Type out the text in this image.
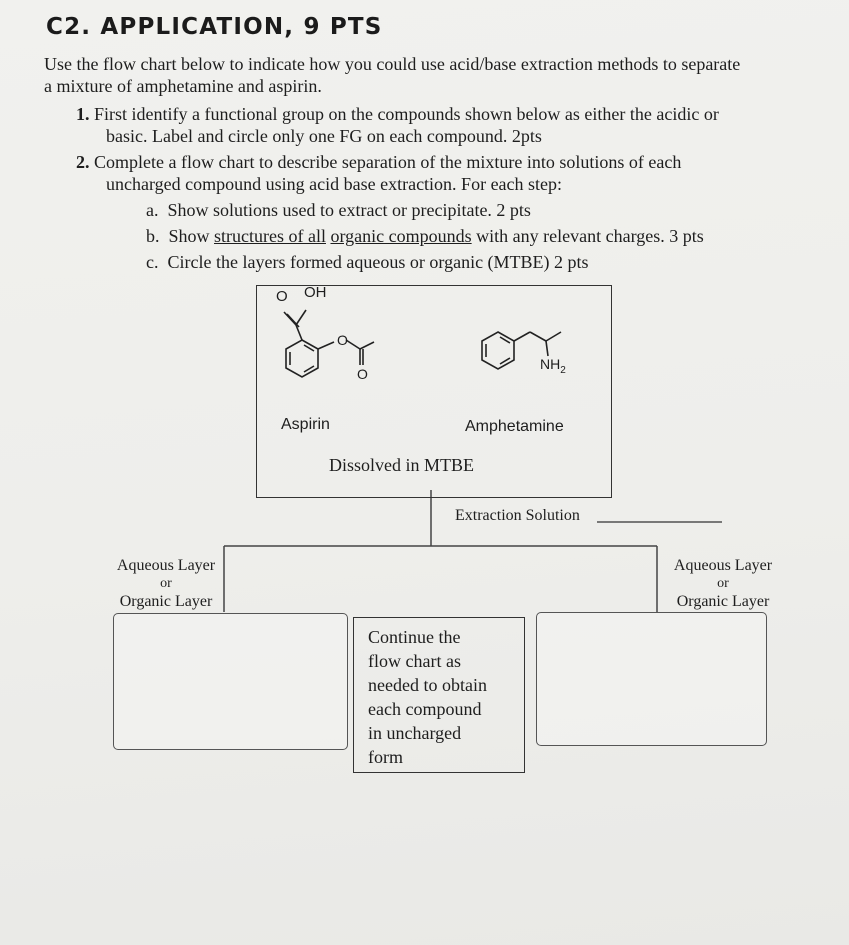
C2. APPLICATION, 9 PTS
Use the flow chart below to indicate how you could use acid/base extraction methods to separate
a mixture of amphetamine and aspirin.
1. First identify a functional group on the compounds shown below as either the acidic or
basic. Label and circle only one FG on each compound. 2pts
2. Complete a flow chart to describe separation of the mixture into solutions of each
uncharged compound using acid base extraction. For each step:
a. Show solutions used to extract or precipitate. 2 pts
b. Show structures of all organic compounds with any relevant charges. 3 pts
c. Circle the layers formed aqueous or organic (MTBE) 2 pts
O OH
O
O
$NH_2$
Aspirin	Amphetamine
Dissolved in MTBE
Extraction Solution
Aqueous Layer
or
Organic Layer
Aqueous Layer
or
Organic Layer
Continue the
flow chart as
needed to obtain
each compound
in uncharged
form
